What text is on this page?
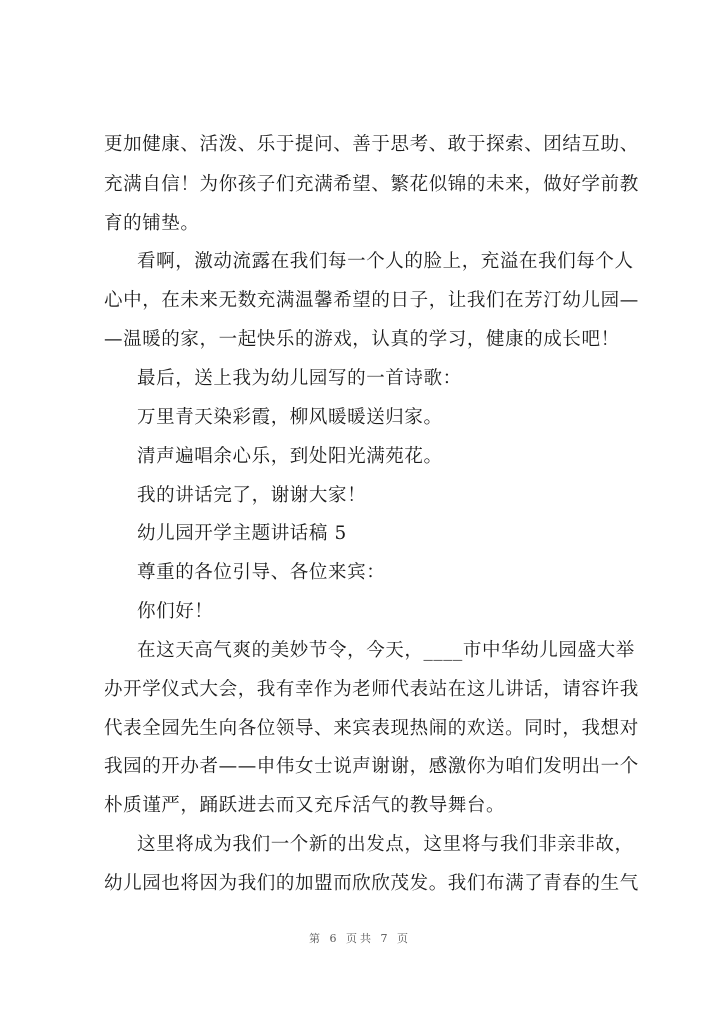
更加健康、活泼、乐于提问、善于思考、敢于探索、团结互助、
充满自信！为你孩子们充满希望、繁花似锦的未来，做好学前教
育的铺垫。
看啊，激动流露在我们每一个人的脸上，充溢在我们每个人
心中，在未来无数充满温馨希望的日子，让我们在芳汀幼儿园—
—温暖的家，一起快乐的游戏，认真的学习，健康的成长吧！
最后，送上我为幼儿园写的一首诗歌：
万里青天染彩霞，柳风暖暖送归家。
清声遍唱余心乐，到处阳光满苑花。
我的讲话完了，谢谢大家！
幼儿园开学主题讲话稿 5
尊重的各位引导、各位来宾：
你们好！
在这天高气爽的美妙节令，今天，____市中华幼儿园盛大举
办开学仪式大会，我有幸作为老师代表站在这儿讲话，请容许我
代表全园先生向各位领导、来宾表现热闹的欢送。同时，我想对
我园的开办者——申伟女士说声谢谢，感激你为咱们发明出一个
朴质谨严，踊跃进去而又充斥活气的教导舞台。
这里将成为我们一个新的出发点，这里将与我们非亲非故，
幼儿园也将因为我们的加盟而欣欣茂发。我们布满了青春的生气
第 6 页共 7 页
